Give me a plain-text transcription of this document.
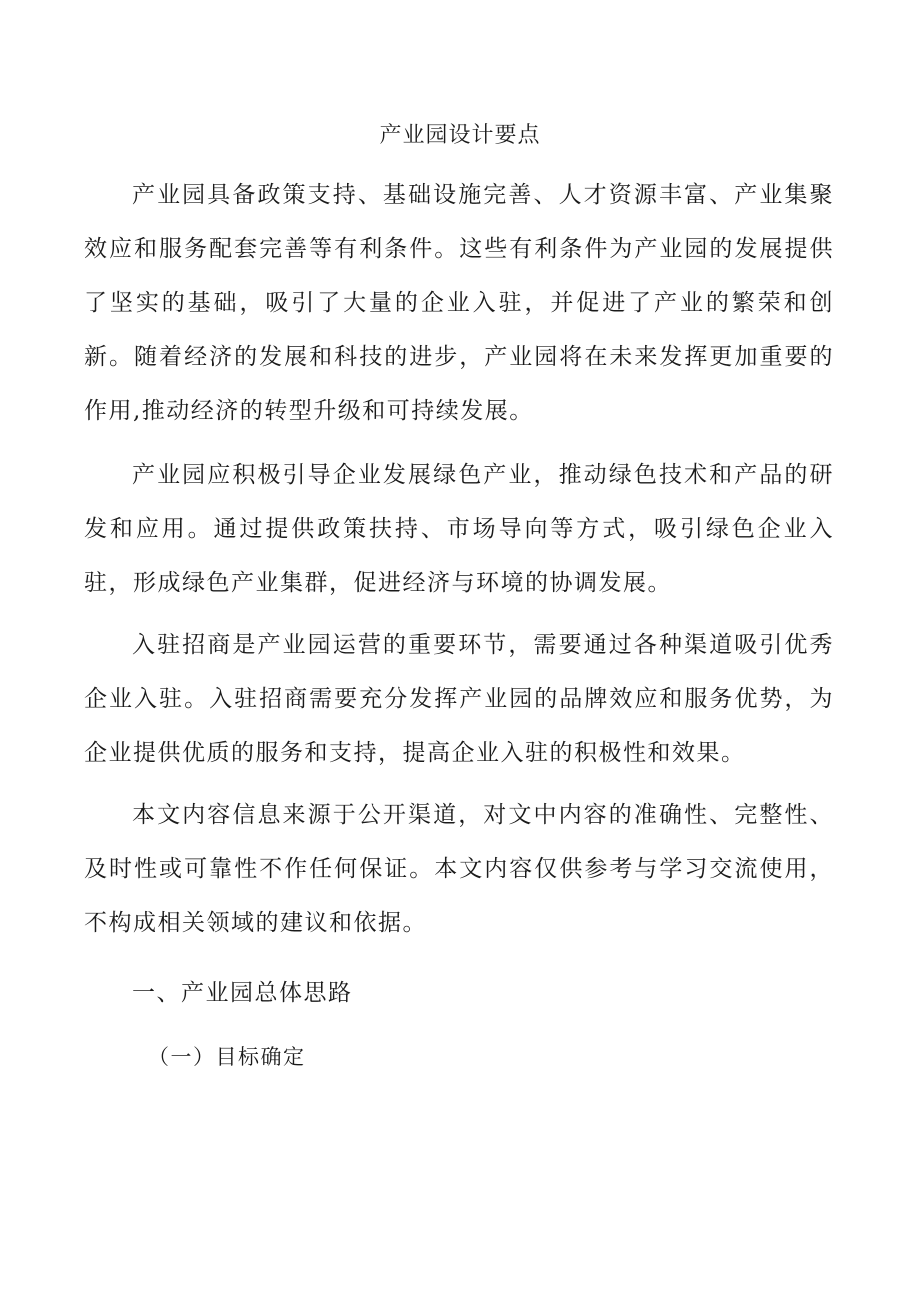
产业园设计要点

产业园具备政策支持、基础设施完善、人才资源丰富、产业集聚效应和服务配套完善等有利条件。这些有利条件为产业园的发展提供了坚实的基础，吸引了大量的企业入驻，并促进了产业的繁荣和创新。随着经济的发展和科技的进步，产业园将在未来发挥更加重要的作用,推动经济的转型升级和可持续发展。

产业园应积极引导企业发展绿色产业，推动绿色技术和产品的研发和应用。通过提供政策扶持、市场导向等方式，吸引绿色企业入驻，形成绿色产业集群，促进经济与环境的协调发展。

入驻招商是产业园运营的重要环节，需要通过各种渠道吸引优秀企业入驻。入驻招商需要充分发挥产业园的品牌效应和服务优势，为企业提供优质的服务和支持，提高企业入驻的积极性和效果。

本文内容信息来源于公开渠道，对文中内容的准确性、完整性、及时性或可靠性不作任何保证。本文内容仅供参考与学习交流使用，不构成相关领域的建议和依据。

一、产业园总体思路
（一）目标确定
